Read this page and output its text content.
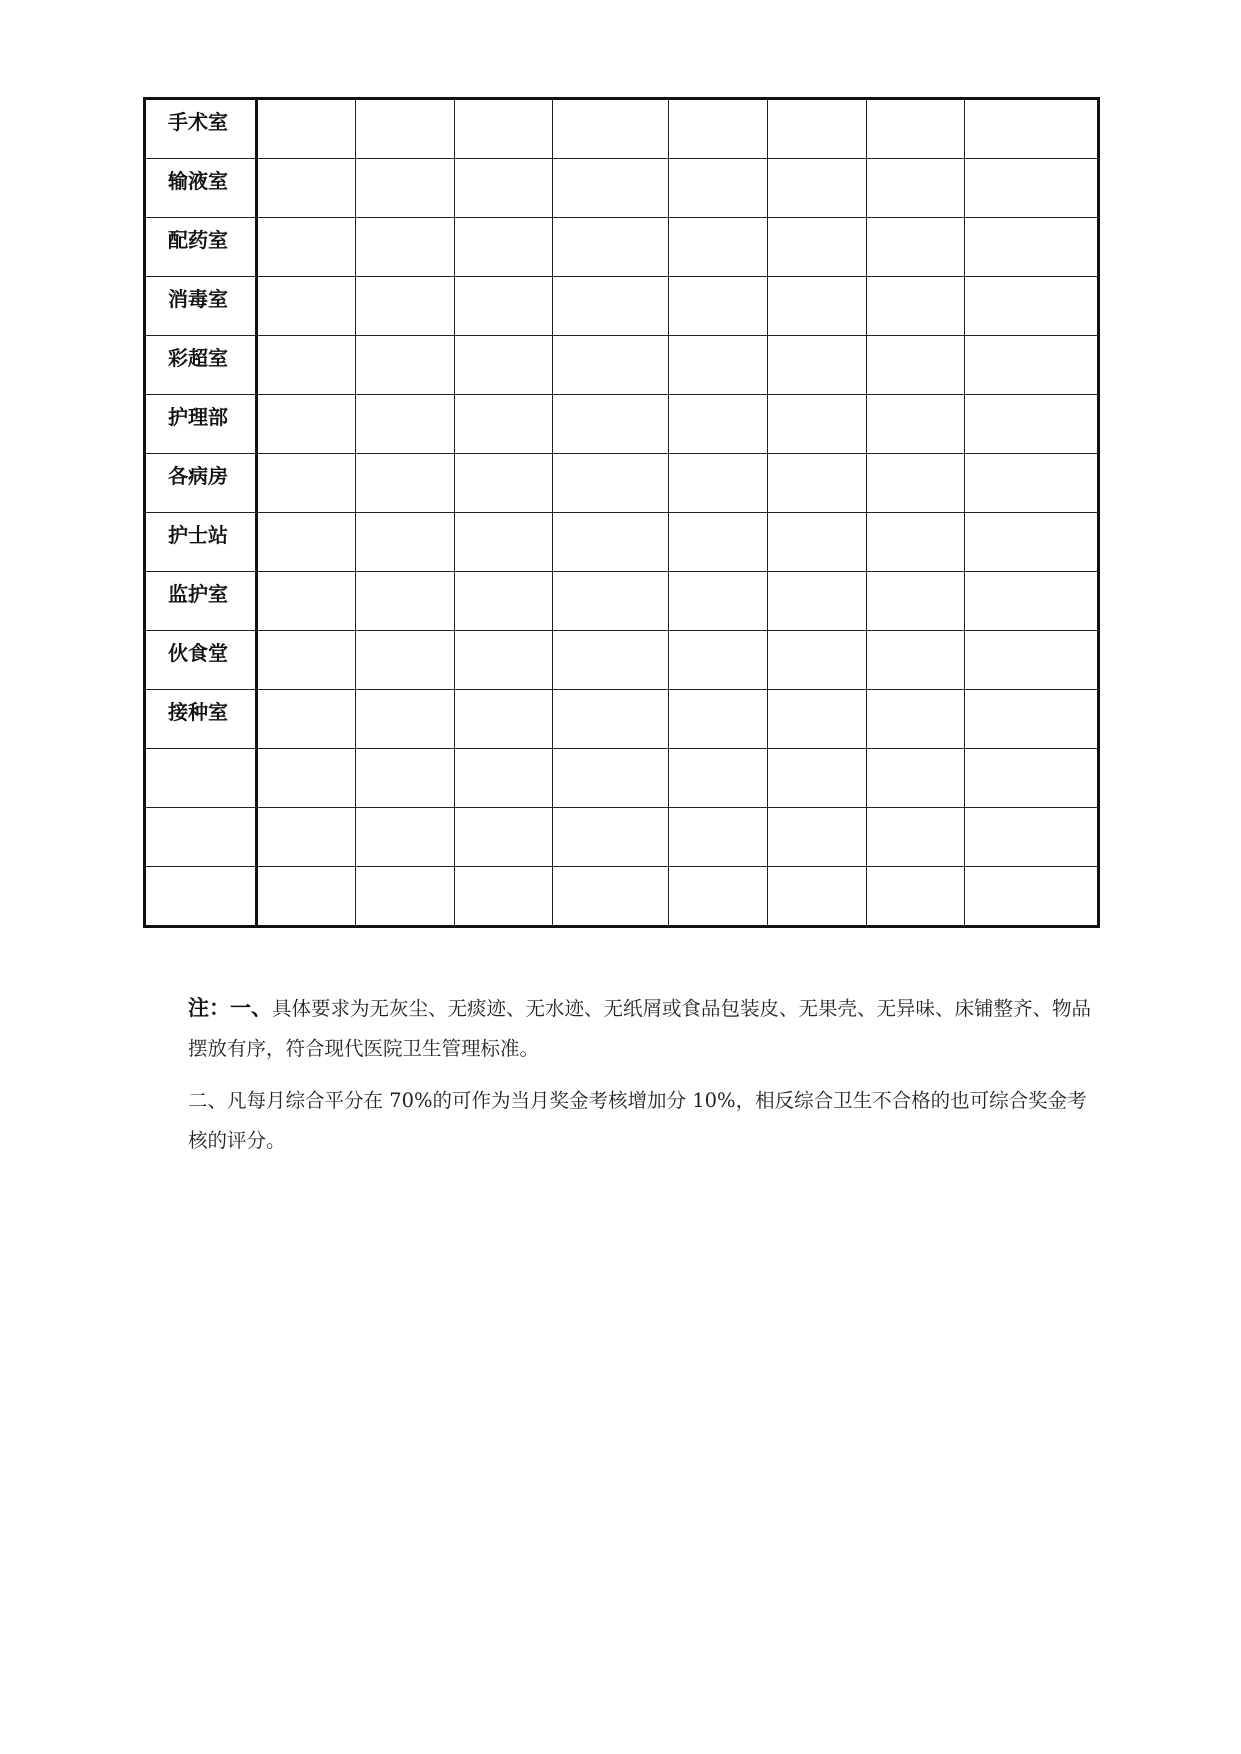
手术室								
输液室								
配药室								
消毒室								
彩超室								
护理部								
各病房								
护士站								
监护室								
伙食堂								
接种室								

注：一、具体要求为无灰尘、无痰迹、无水迹、无纸屑或食品包装皮、无果壳、无异味、床铺整齐、物品摆放有序，符合现代医院卫生管理标准。

二、凡每月综合平分在 70%的可作为当月奖金考核增加分 10%，相反综合卫生不合格的也可综合奖金考核的评分。
